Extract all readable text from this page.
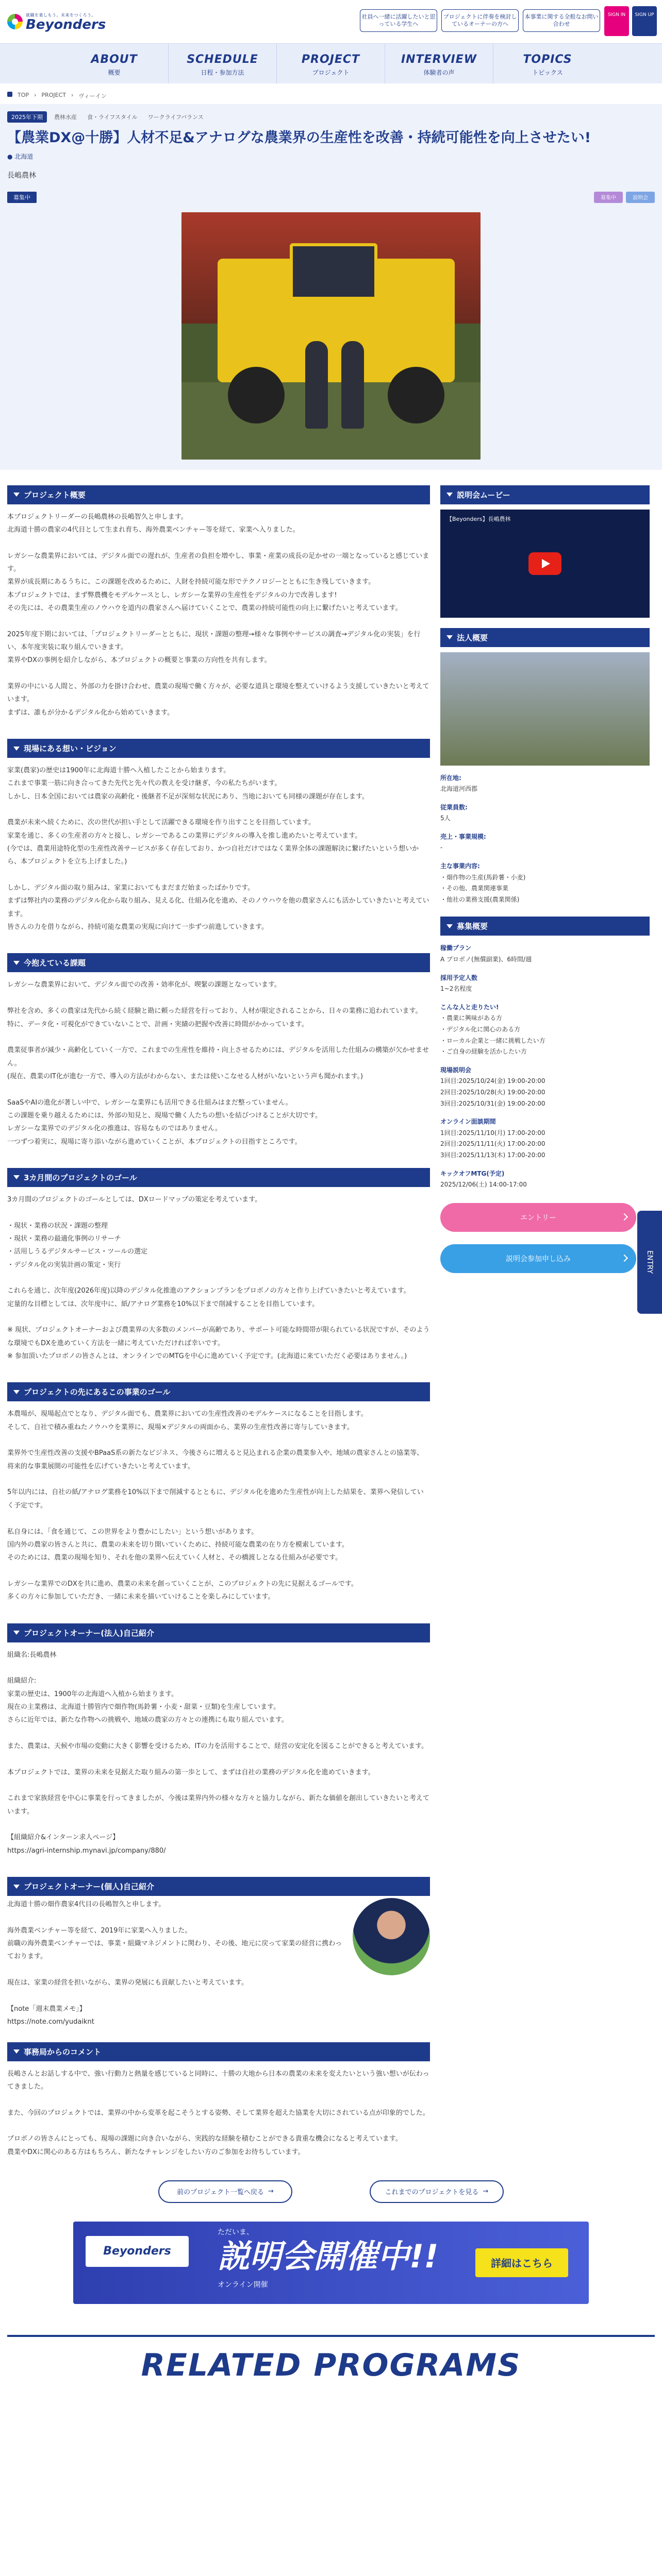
就職を楽しもう。未来をつくろう。
Beyonders
社員へ一緒に活躍したいと思っている学生へ
プロジェクトに伴奏を検討しているオーナーの方へ
本事業に関する全般なお問い合わせ
SIGN IN	SIGN UP
ABOUT
概要
SCHEDULE
日程・参加方法
PROJECT
プロジェクト
INTERVIEW
体験者の声
TOPICS
トピックス
TOP › PROJECT › ヴィーイン
2025年下期	農林水産	食・ライフスタイル	ワークライフバランス
【農業DX@十勝】人材不足&アナログな農業界の生産性を改善・持続可能性を向上させたい!
● 北海道
長嶋農林
募集中	募集中	説明会
プロジェクト概要
本プロジェクトリーダーの長嶋農林の長嶋智久と申します。
北海道十勝の農家の4代目として生まれ育ち、海外農業ベンチャー等を経て、家業へ入りました。

レガシーな農業界においては、デジタル面での遅れが、生産者の負担を増やし、事業・産業の成長の足かせの一端となっていると感じています。
業界が成長期にあるうちに、この課題を改めるために、人財を持続可能な形でテクノロジーとともに生き残していきます。
本プロジェクトでは、まず弊農機をモデルケースとし、レガシーな業界の生産性をデジタルの力で改善します!
その先には、その農業生産のノウハウを道内の農家さんへ届けていくことで、農業の持続可能性の向上に繋げたいと考えています。

2025年度下期においては、「プロジェクトリーダーとともに、現状・課題の整理→様々な事例やサービスの調査→デジタル化の実装」を行い、本年度実装に取り組んでいきます。
業界やDXの事例を紹介しながら、本プロジェクトの概要と事業の方向性を共有します。

業界の中にいる人間と、外部の力を掛け合わせ、農業の現場で働く方々が、必要な道具と環境を整えていけるよう支援していきたいと考えています。
まずは、誰もが分かるデジタル化から始めていきます。
現場にある想い・ビジョン
家業(農家)の歴史は1900年に北海道十勝へ入植したことから始まります。
これまで事業一筋に向き合ってきた先代と先々代の教えを受け継ぎ、今の私たちがいます。
しかし、日本全国においては農家の高齢化・後継者不足が深刻な状況にあり、当地においても同様の課題が存在します。

農業が未来へ続くために、次の世代が担い手として活躍できる環境を作り出すことを目指しています。
家業を通じ、多くの生産者の方々と接し、レガシーであるこの業界にデジタルの導入を推し進めたいと考えています。
(今では、農業用途特化型の生産性改善サービスが多く存在しており、かつ自社だけではなく業界全体の課題解決に繋げたいという想いから、本プロジェクトを立ち上げました。)

しかし、デジタル面の取り組みは、家業においてもまだまだ始まったばかりです。
まずは弊社内の業務のデジタル化から取り組み、見える化、仕組み化を進め、そのノウハウを他の農家さんにも活かしていきたいと考えています。
皆さんの力を借りながら、持続可能な農業の実現に向けて一歩ずつ前進していきます。
今抱えている課題
レガシーな農業界において、デジタル面での改善・効率化が、喫緊の課題となっています。

弊社を含め、多くの農家は先代から続く経験と勘に頼った経営を行っており、人材が限定されることから、日々の業務に追われています。
特に、データ化・可視化ができていないことで、計画・実績の把握や改善に時間がかかっています。

農業従事者が減少・高齢化していく一方で、これまでの生産性を維持・向上させるためには、デジタルを活用した仕組みの構築が欠かせません。
(現在、農業のIT化が進む一方で、導入の方法がわからない、または使いこなせる人材がいないという声も聞かれます。)

SaaSやAIの進化が著しい中で、レガシーな業界にも活用できる仕組みはまだ整っていません。
この課題を乗り越えるためには、外部の知見と、現場で働く人たちの想いを結びつけることが大切です。
レガシーな業界でのデジタル化の推進は、容易なものではありません。
一つずつ着実に、現場に寄り添いながら進めていくことが、本プロジェクトの目指すところです。
3カ月間のプロジェクトのゴール
3カ月間のプロジェクトのゴールとしては、DXロードマップの策定を考えています。

・現状・業務の状況・課題の整理
・現状・業務の最適化事例のリサーチ
・活用しうるデジタルサービス・ツールの選定
・デジタル化の実装計画の策定・実行

これらを通じ、次年度(2026年度)以降のデジタル化推進のアクションプランをプロボノの方々と作り上げていきたいと考えています。
定量的な目標としては、次年度中に、紙/アナログ業務を10%以下まで削減することを目指しています。

※ 現状、プロジェクトオーナーおよび農業界の大多数のメンバーが高齢であり、サポート可能な時間帯が限られている状況ですが、そのような環境でもDXを進めていく方法を一緒に考えていただければ幸いです。
※ 参加頂いたプロボノの皆さんとは、オンラインでのMTGを中心に進めていく予定です。(北海道に来ていただく必要はありません。)
プロジェクトの先にあるこの事業のゴール
本農場が、現場起点でとなり、デジタル面でも、農業界においての生産性改善のモデルケースになることを目指します。
そして、自社で積み重ねたノウハウを業界に、現場×デジタルの両面から、業界の生産性改善に寄与していきます。

業界外で生産性改善の支援やBPaaS系の新たなビジネス、今後さらに増えると見込まれる企業の農業参入や、地域の農家さんとの協業等、将来的な事業展開の可能性を広げていきたいと考えています。

5年以内には、自社の紙/アナログ業務を10%以下まで削減するとともに、デジタル化を進めた生産性が向上した結果を、業界へ発信していく予定です。

私自身には、「食を通じて、この世界をより豊かにしたい」という想いがあります。
国内外の農家の皆さんと共に、農業の未来を切り開いていくために、持続可能な農業の在り方を模索しています。
そのためには、農業の現場を知り、それを他の業界へ伝えていく人材と、その橋渡しとなる仕組みが必要です。

レガシーな業界でのDXを共に進め、農業の未来を創っていくことが、このプロジェクトの先に見据えるゴールです。
多くの方々に参加していただき、一緒に未来を描いていけることを楽しみにしています。
プロジェクトオーナー(法人)自己紹介
組織名:長嶋農林

組織紹介:
家業の歴史は、1900年の北海道へ入植から始まります。
現在の主業務は、北海道十勝管内で畑作物(馬鈴薯・小麦・甜菜・豆類)を生産しています。
さらに近年では、新たな作物への挑戦や、地域の農家の方々との連携にも取り組んでいます。

また、農業は、天候や市場の変動に大きく影響を受けるため、ITの力を活用することで、経営の安定化を図ることができると考えています。

本プロジェクトでは、業界の未来を見据えた取り組みの第一歩として、まずは自社の業務のデジタル化を進めていきます。

これまで家族経営を中心に事業を行ってきましたが、今後は業界内外の様々な方々と協力しながら、新たな価値を創出していきたいと考えています。

【組織紹介&インターン求人ページ】
https://agri-internship.mynavi.jp/company/880/
プロジェクトオーナー(個人)自己紹介
北海道十勝の畑作農家4代目の長嶋智久と申します。

海外農業ベンチャー等を経て、2019年に家業へ入りました。
前職の海外農業ベンチャーでは、事業・組織マネジメントに関わり、その後、地元に戻って家業の経営に携わっております。

現在は、家業の経営を担いながら、業界の発展にも貢献したいと考えています。

【note「週末農業メモ」】
https://note.com/yudaiknt
事務局からのコメント
長嶋さんとお話しする中で、強い行動力と熱量を感じていると同時に、十勝の大地から日本の農業の未来を変えたいという強い想いが伝わってきました。

また、今回のプロジェクトでは、業界の中から変革を起こそうとする姿勢、そして業界を超えた協業を大切にされている点が印象的でした。

プロボノの皆さんにとっても、現場の課題に向き合いながら、実践的な経験を積むことができる貴重な機会になると考えています。
農業やDXに関心のある方はもちろん、新たなチャレンジをしたい方のご参加をお待ちしています。
説明会ムービー
【Beyonders】長嶋農林
法人概要
所在地:
北海道河西郡
従業員数:
5人
売上・事業規模:
-
主な事業内容:
・畑作物の生産(馬鈴薯・小麦)
・その他、農業関連事業
・他社の業務支援(農業関係)
募集概要
稼働プラン
A プロボノ(無償副業)、6時間/週
採用予定人数
1~2名程度
こんな人と走りたい!
・農業に興味がある方
・デジタル化に関心のある方
・ローカル企業と一緒に挑戦したい方
・ご自身の経験を活かしたい方
現場説明会
1回目:2025/10/24(金) 19:00-20:00
2回目:2025/10/28(火) 19:00-20:00
3回目:2025/10/31(金) 19:00-20:00
オンライン面談期間
1回目:2025/11/10(月) 17:00-20:00
2回目:2025/11/11(火) 17:00-20:00
3回目:2025/11/13(木) 17:00-20:00
キックオフMTG(予定)
2025/12/06(土) 14:00-17:00
エントリー
説明会参加申し込み
前のプロジェクト一覧へ戻る →	これまでのプロジェクトを見る →
Beyonders
ただいま、
説明会開催中!!
オンライン開催
詳細はこちら
RELATED PROGRAMS
ENTRY
